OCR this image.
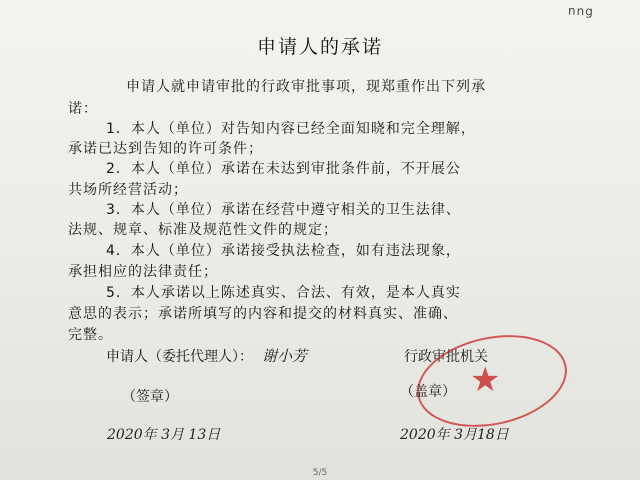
nng
申请人的承诺
申请人就申请审批的行政审批事项，现郑重作出下列承
诺：
1．本人（单位）对告知内容已经全面知晓和完全理解，
承诺已达到告知的许可条件；
2．本人（单位）承诺在未达到审批条件前，不开展公
共场所经营活动；
3．本人（单位）承诺在经营中遵守相关的卫生法律、
法规、规章、标准及规范性文件的规定；
4．本人（单位）承诺接受执法检查，如有违法现象，
承担相应的法律责任；
5．本人承诺以上陈述真实、合法、有效，是本人真实
意思的表示；承诺所填写的内容和提交的材料真实、准确、
完整。
申请人（委托代理人）： 谢小芳	行政审批机关
★
（签章）	（盖章）
2020年 3月 13日	2020年 3月18日
5/5
